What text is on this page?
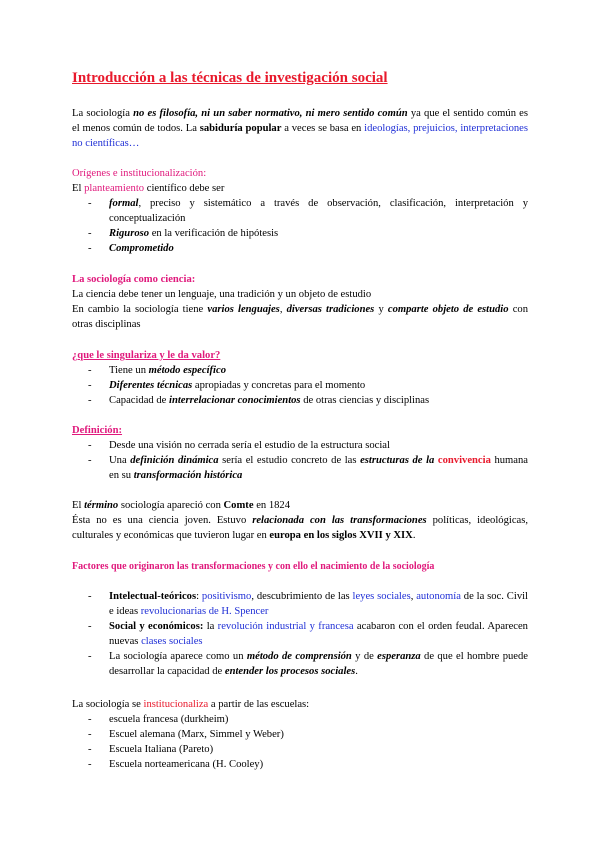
Introducción a las técnicas de investigación social

La sociología no es filosofía, ni un saber normativo, ni mero sentido común ya que el sentido común es el menos común de todos. La sabiduría popular a veces se basa en ideologías, prejuicios, interpretaciones no científicas…

Orígenes e institucionalización:

El planteamiento científico debe ser

- formal, preciso y sistemático a través de observación, clasificación, interpretación y conceptualización
- Riguroso en la verificación de hipótesis
- Comprometido

La sociología como ciencia:

La ciencia debe tener un lenguaje, una tradición y un objeto de estudio

En cambio la sociología tiene varios lenguajes, diversas tradiciones y comparte objeto de estudio con otras disciplinas

¿que le singulariza y le da valor?

- Tiene un método específico
- Diferentes técnicas apropiadas y concretas para el momento
- Capacidad de interrelacionar conocimientos de otras ciencias y disciplinas

Definición:

- Desde una visión no cerrada sería el estudio de la estructura social
- Una definición dinámica sería el estudio concreto de las estructuras de la convivencia humana en su transformación histórica

El término sociología apareció con Comte en 1824

Ésta no es una ciencia joven. Estuvo relacionada con las transformaciones políticas, ideológicas, culturales y económicas que tuvieron lugar en europa en los siglos XVII y XIX.

Factores que originaron las transformaciones y con ello el nacimiento de la sociología

- Intelectual-teóricos: positivismo, descubrimiento de las leyes sociales, autonomía de la soc. Civil e ideas revolucionarias de H. Spencer
- Social y económicos: la revolución industrial y francesa acabaron con el orden feudal. Aparecen nuevas clases sociales
- La sociología aparece como un método de comprensión y de esperanza de que el hombre puede desarrollar la capacidad de entender los procesos sociales.

La sociología se institucionaliza a partir de las escuelas:

- escuela francesa (durkheim)
- Escuel alemana (Marx, Simmel y Weber)
- Escuela Italiana (Pareto)
- Escuela norteamericana (H. Cooley)
